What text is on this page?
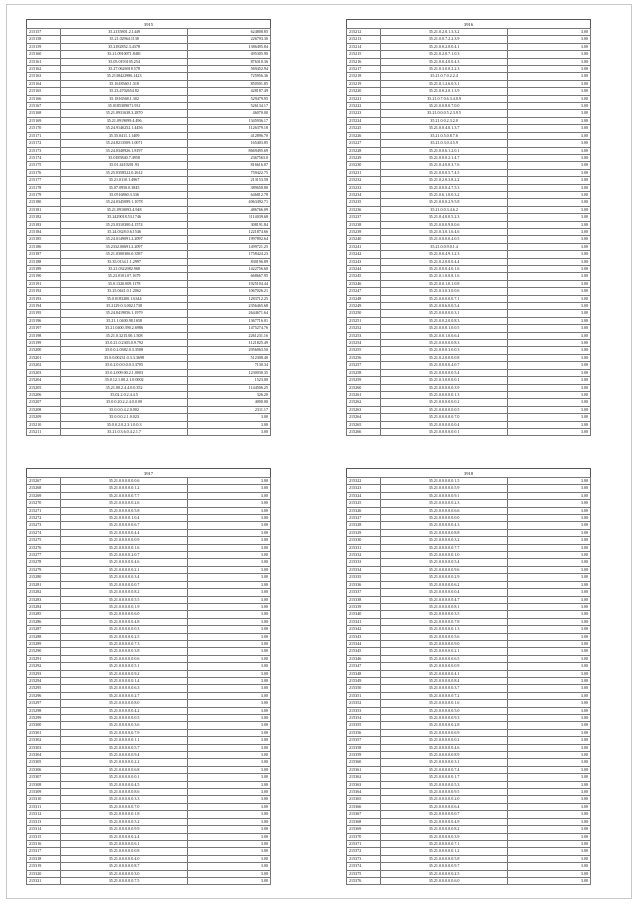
3915
215157	35.2135801.2.1449	624808.85
215158	35.21.02964.1138	226793.30
215159	35.2182852.3.4378	1386495.84
215160	35.21.0910071.8481	495305.90
215161	35.05.0193105.254	876310.36
215162	35.27.0626918.578	569452.94
215163	35.2138422986.1423	725956.36
215164	35.1618360.1.318	850501.85
215165	35.23.4702654.82	428187.49
215166	35.1816568.1.302	529479.95
215167	35.0185309071.931	526134.17
215168	35.21.0931638.3.2870	46070.00
215169	35.21.0919099.4.496	1345936.17
215170	35.24.9146252.1.4456	1126379.18
215171	35.35.0411.1.1409	412896.70
215172	35.24.8213509.1.0071	165403.85
215173	35.24.0340926.1.8197	8669495.69
215174	35.0185840.7.4958	2367563.0
215175	35.01.4410201.93	816616.07
215176	35.25.0358522.0.2612	759422.75
215177	35.21.0110.1.4967	213153.58
215178	35.07.0950.0.3845	389658.80
215179	35.0516860.3.336	646812.78
215180	35.24.0345089.1.1078	4063492.71
215181	35.21.0910093.4.948	486766.09
215182	35.2429018.53.1746	1114039.68
215183	35.23.0310300.4.1574	308191.84
215184	35.24.0328.0.6.1546	1221874.66
215185	35.24.0149091.2.2097	1997892.64
215186	35.2332.00691.2.2097	1499721.25
215187	35.21.0300306.0.3587	1758424.23
215188	35.35.0134.1.1.2997	830196.89
215189	35.21.0322082.968	1422756.60
215190	35.23.0101.07.1679	668667.95
215191	35.0.1320.009.1178	1925104.44
215192	35.25.0441.0.1.2062	1067026.21
215193	35.0.0183200.1.6344	1283712.25
215194	35.2129.0.3.002.1738	2356465.68
215195	35.24.0419056.1.1979	2644671.64
215196	35.21.1.0400.98.1658	1367716.01
215197	35.21.0400.390.2.6986	1475274.76
215198	35.21.0.3215.00.1.508	2261231.16
215199	35.0.21.0.2303.0.9.792	1121825.49
215200	35.0.0.2.0382.0.3.3508	2956063.50
215201	35.0.0.00231.0.3.3.3698	512308.40
215202	35.0.2.0.0.0.0.0.3.3705	7130.34
215203	35.0.2.009.00.2.1.0003	1230030.35
215204	35.0.12.1.00.2.1.0.0002	1523.00
215205	35.21.00.2.4.4.0.0.352	1144506.25
215206	35.02.2.0.2.4.4.5	326.20
215207	35.0.0.20.2.2.4.0.0.00	4000.00
215208	35.0.0.0.4.2.0.002	2311.17
215209	35.0.0.0.2.1.0.023	3.00
215210	35.0.0.2.0.2.3.1.0.0.3	3.00
215211	35.21.0.3.6.0.4.2.1.7	3.00
3916
215212	35.21.0.2.0.1.3.3.2	3.00
215213	35.21.0.0.7.2.2.3.9	3.00
215214	35.21.0.0.2.0.0.4.1	3.00
215215	35.21.0.2.0.7.1.0.3	3.00
215216	35.21.0.0.4.0.0.4.3	3.00
215217	35.21.0.3.0.0.2.2.3	3.00
215218	35.21.0.7.0.2.2.4	3.00
215219	35.21.0.1.2.6.0.3.1	3.00
215220	35.21.0.0.2.0.1.3.9	3.00
215221	35.21.0.7.0.6.3.4.0.9	3.00
215222	35.21.0.0.8.0.7.0.0	3.00
215223	35.21.0.0.0.5.2.3.9.5	3.00
215224	35.21.0.0.2.3.2.0	3.00
215225	35.21.0.0.4.0.1.3.7	3.00
215226	35.21.0.5.0.8.7.6	3.00
215227	35.21.0.3.0.4.5.9	3.00
215228	35.21.0.0.6.1.2.0.1	3.00
215229	35.21.0.0.0.2.1.4.7	3.00
215230	35.21.0.4.0.0.3.7.6	3.00
215231	35.21.0.0.0.5.7.4.5	3.00
215232	35.21.0.2.0.3.8.2.2	3.00
215233	35.21.0.0.0.4.7.5.3	3.00
215234	35.21.0.6.1.0.0.3.2	3.00
215235	35.21.0.0.0.2.9.5.8	3.00
215236	35.21.0.0.3.4.6.2	3.00
215237	35.21.0.4.0.0.5.2.3	3.00
215238	35.21.0.0.0.9.8.0.6	3.00
215239	35.21.0.3.0.1.6.4.6	3.00
215240	35.21.0.0.0.0.4.0.5	3.00
215241	35.21.0.0.9.0.1.4	3.00
215242	35.21.0.0.4.9.1.2.3	3.00
215243	35.21.0.2.0.0.0.4.4	3.00
215244	35.21.0.0.0.4.0.1.6	3.00
215245	35.21.0.1.0.0.8.1.6	3.00
215246	35.21.0.0.1.0.1.0.8	3.00
215247	35.21.0.3.0.3.0.0.6	3.00
215248	35.21.0.0.0.0.0.7.1	3.00
215249	35.21.0.0.6.0.0.5.4	3.00
215250	35.21.0.0.0.0.0.3.1	3.00
215251	35.21.0.0.2.0.0.8.3	3.00
215252	35.21.0.0.0.1.0.0.5	3.00
215253	35.21.0.0.1.0.0.6.4	3.00
215254	35.21.0.0.0.0.0.8.3	3.00
215255	35.21.0.0.0.3.0.0.3	3.00
215256	35.21.0.2.0.0.0.0.8	3.00
215257	35.21.0.0.0.0.4.0.7	3.00
215258	35.21.0.0.0.0.0.5.4	3.00
215259	35.21.0.3.0.0.0.0.1	3.00
215260	35.21.0.0.0.0.0.3.9	3.00
215261	35.21.0.0.0.0.0.1.3	3.00
215262	35.21.0.0.0.0.0.0.2	3.00
215263	35.21.0.0.0.0.0.0.5	3.00
215264	35.21.0.0.0.0.0.7.0	3.00
215265	35.21.0.0.0.0.0.0.4	3.00
215266	35.21.0.0.0.0.0.0.1	3.00
3917
215267	35.21.0.0.0.0.0.0.6	3.00
215268	35.21.0.0.0.0.0.1.2	3.00
215269	35.21.0.0.0.0.0.7.7	3.00
215270	35.21.0.0.0.0.0.2.6	3.00
215271	35.21.0.0.0.0.0.5.8	3.00
215272	35.21.0.0.0.0.1.0.4	3.00
215273	35.21.0.0.0.0.0.6.7	3.00
215274	35.21.0.0.0.0.0.4.4	3.00
215275	35.21.0.0.0.0.0.0.9	3.00
215276	35.21.0.0.0.0.0.1.6	3.00
215277	35.21.0.0.0.0.2.0.7	3.00
215278	35.21.0.0.0.0.0.4.6	3.00
215279	35.21.0.0.0.0.0.2.1	3.00
215280	35.21.0.0.0.0.0.3.4	3.00
215281	35.21.0.0.0.0.0.0.7	3.00
215282	35.21.0.0.0.0.0.8.2	3.00
215283	35.21.0.0.0.0.0.5.5	3.00
215284	35.21.0.0.0.0.0.1.9	3.00
215285	35.21.0.0.0.0.0.6.0	3.00
215286	35.21.0.0.0.0.0.4.8	3.00
215287	35.21.0.0.0.0.0.0.3	3.00
215288	35.21.0.0.0.0.0.2.5	3.00
215289	35.21.0.0.0.0.0.7.3	3.00
215290	35.21.0.0.0.0.0.3.8	3.00
215291	35.21.0.0.0.0.0.0.6	3.00
215292	35.21.0.0.0.0.0.5.1	3.00
215293	35.21.0.0.0.0.0.9.2	3.00
215294	35.21.0.0.0.0.0.1.4	3.00
215295	35.21.0.0.0.0.0.6.3	3.00
215296	35.21.0.0.0.0.0.2.7	3.00
215297	35.21.0.0.0.0.0.8.0	3.00
215298	35.21.0.0.0.0.0.4.2	3.00
215299	35.21.0.0.0.0.0.0.5	3.00
215300	35.21.0.0.0.0.0.3.6	3.00
215301	35.21.0.0.0.0.0.7.9	3.00
215302	35.21.0.0.0.0.0.1.1	3.00
215303	35.21.0.0.0.0.0.5.7	3.00
215304	35.21.0.0.0.0.0.9.4	3.00
215305	35.21.0.0.0.0.0.2.2	3.00
215306	35.21.0.0.0.0.0.6.8	3.00
215307	35.21.0.0.0.0.0.0.1	3.00
215308	35.21.0.0.0.0.0.4.5	3.00
215309	35.21.0.0.0.0.0.8.6	3.00
215310	35.21.0.0.0.0.0.3.3	3.00
215311	35.21.0.0.0.0.0.7.0	3.00
215312	35.21.0.0.0.0.0.1.8	3.00
215313	35.21.0.0.0.0.0.5.2	3.00
215314	35.21.0.0.0.0.0.9.9	3.00
215315	35.21.0.0.0.0.0.2.4	3.00
215316	35.21.0.0.0.0.0.6.1	3.00
215317	35.21.0.0.0.0.0.0.8	3.00
215318	35.21.0.0.0.0.0.4.0	3.00
215319	35.21.0.0.0.0.0.8.7	3.00
215320	35.21.0.0.0.0.0.3.0	3.00
215321	35.21.0.0.0.0.0.7.5	3.00
3918
215322	35.21.0.0.0.0.0.1.5	3.00
215323	35.21.0.0.0.0.0.5.9	3.00
215324	35.21.0.0.0.0.0.9.1	3.00
215325	35.21.0.0.0.0.0.2.3	3.00
215326	35.21.0.0.0.0.0.6.6	3.00
215327	35.21.0.0.0.0.0.0.0	3.00
215328	35.21.0.0.0.0.0.4.3	3.00
215329	35.21.0.0.0.0.0.8.8	3.00
215330	35.21.0.0.0.0.0.3.2	3.00
215331	35.21.0.0.0.0.0.7.7	3.00
215332	35.21.0.0.0.0.0.1.0	3.00
215333	35.21.0.0.0.0.0.5.4	3.00
215334	35.21.0.0.0.0.0.9.6	3.00
215335	35.21.0.0.0.0.0.2.9	3.00
215336	35.21.0.0.0.0.0.6.2	3.00
215337	35.21.0.0.0.0.0.0.4	3.00
215338	35.21.0.0.0.0.0.4.7	3.00
215339	35.21.0.0.0.0.0.8.1	3.00
215340	35.21.0.0.0.0.0.3.5	3.00
215341	35.21.0.0.0.0.0.7.8	3.00
215342	35.21.0.0.0.0.0.1.3	3.00
215343	35.21.0.0.0.0.0.5.6	3.00
215344	35.21.0.0.0.0.0.9.0	3.00
215345	35.21.0.0.0.0.0.2.1	3.00
215346	35.21.0.0.0.0.0.6.5	3.00
215347	35.21.0.0.0.0.0.0.9	3.00
215348	35.21.0.0.0.0.0.4.1	3.00
215349	35.21.0.0.0.0.0.8.4	3.00
215350	35.21.0.0.0.0.0.3.7	3.00
215351	35.21.0.0.0.0.0.7.2	3.00
215352	35.21.0.0.0.0.0.1.6	3.00
215353	35.21.0.0.0.0.0.5.0	3.00
215354	35.21.0.0.0.0.0.9.3	3.00
215355	35.21.0.0.0.0.0.2.8	3.00
215356	35.21.0.0.0.0.0.6.9	3.00
215357	35.21.0.0.0.0.0.0.2	3.00
215358	35.21.0.0.0.0.0.4.6	3.00
215359	35.21.0.0.0.0.0.8.9	3.00
215360	35.21.0.0.0.0.0.3.1	3.00
215361	35.21.0.0.0.0.0.7.4	3.00
215362	35.21.0.0.0.0.0.1.7	3.00
215363	35.21.0.0.0.0.0.5.3	3.00
215364	35.21.0.0.0.0.0.9.5	3.00
215365	35.21.0.0.0.0.0.2.0	3.00
215366	35.21.0.0.0.0.0.6.4	3.00
215367	35.21.0.0.0.0.0.0.7	3.00
215368	35.21.0.0.0.0.0.4.9	3.00
215369	35.21.0.0.0.0.0.8.2	3.00
215370	35.21.0.0.0.0.0.3.9	3.00
215371	35.21.0.0.0.0.0.7.1	3.00
215372	35.21.0.0.0.0.0.1.2	3.00
215373	35.21.0.0.0.0.0.5.8	3.00
215374	35.21.0.0.0.0.0.9.7	3.00
215375	35.21.0.0.0.0.0.2.5	3.00
215376	35.21.0.0.0.0.0.6.0	3.00
